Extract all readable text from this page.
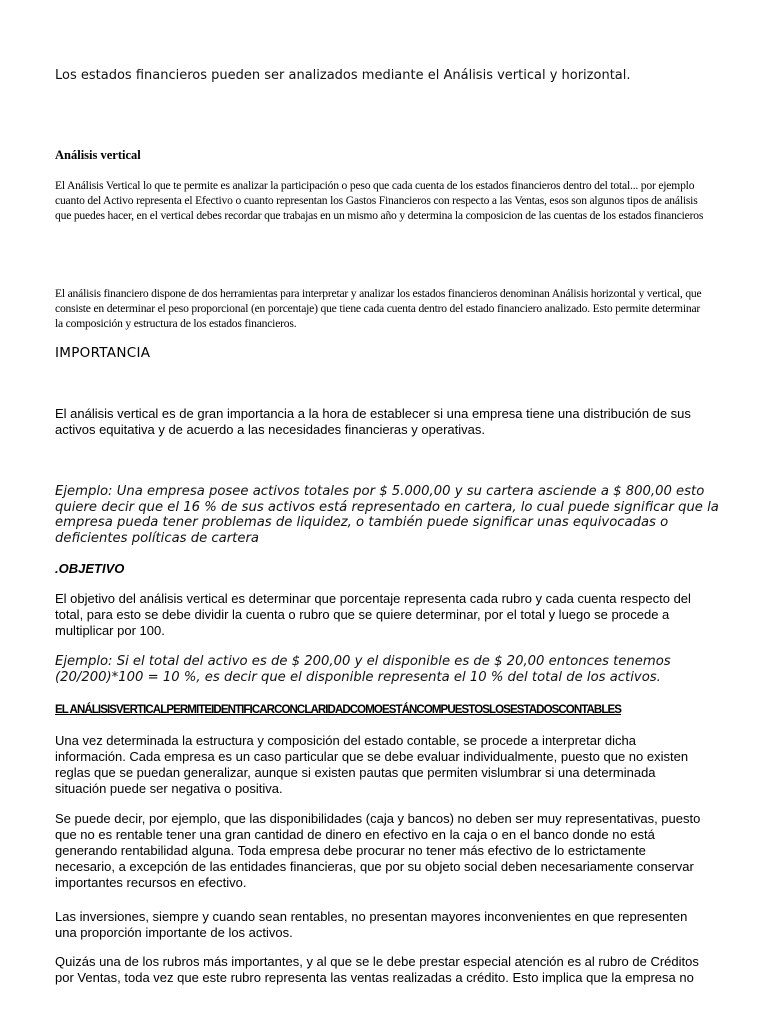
Los estados financieros pueden ser analizados mediante el Análisis vertical y horizontal.

Análisis vertical

El Análisis Vertical lo que te permite es analizar la participación o peso que cada cuenta de los estados financieros dentro del total... por ejemplo cuanto del Activo representa el Efectivo o cuanto representan los Gastos Financieros con respecto a las Ventas, esos son algunos tipos de análisis que puedes hacer, en el vertical debes recordar que trabajas en un mismo año y determina la composicion de las cuentas de los estados financieros

El análisis financiero dispone de dos herramientas para interpretar y analizar los estados financieros denominan Análisis horizontal y vertical, que consiste en determinar el peso proporcional (en porcentaje) que tiene cada cuenta dentro del estado financiero analizado. Esto permite determinar la composición y estructura de los estados financieros.

IMPORTANCIA

El análisis vertical es de gran importancia a la hora de establecer si una empresa tiene una distribución de sus activos equitativa y de acuerdo a las necesidades financieras y operativas.

Ejemplo: Una empresa posee activos totales por $ 5.000,00 y su cartera asciende a $ 800,00 esto quiere decir que el 16 % de sus activos está representado en cartera, lo cual puede significar que la empresa pueda tener problemas de liquidez, o también puede significar unas equivocadas o deficientes políticas de cartera

.OBJETIVO

El objetivo del análisis vertical es determinar que porcentaje representa cada rubro y cada cuenta respecto del total, para esto se debe dividir la cuenta o rubro que se quiere determinar, por el total y luego se procede a multiplicar por 100.

Ejemplo: Si el total del activo es de $ 200,00 y el disponible es de $ 20,00 entonces tenemos (20/200)*100 = 10 %, es decir que el disponible representa el 10 % del total de los activos.

EL ANÁLISISVERTICALPERMITEIDENTIFICARCONCLARIDADCOMOESTÁNCOMPUESTOSLOSESTADOSCONTABLES

Una vez determinada la estructura y composición del estado contable, se procede a interpretar dicha información. Cada empresa es un caso particular que se debe evaluar individualmente, puesto que no existen reglas que se puedan generalizar, aunque si existen pautas que permiten vislumbrar si una determinada situación puede ser negativa o positiva.

Se puede decir, por ejemplo, que las disponibilidades (caja y bancos) no deben ser muy representativas, puesto que no es rentable tener una gran cantidad de dinero en efectivo en la caja o en el banco donde no está generando rentabilidad alguna. Toda empresa debe procurar no tener más efectivo de lo estrictamente necesario, a excepción de las entidades financieras, que por su objeto social deben necesariamente conservar importantes recursos en efectivo.

Las inversiones, siempre y cuando sean rentables, no presentan mayores inconvenientes en que representen una proporción importante de los activos.

Quizás una de los rubros más importantes, y al que se le debe prestar especial atención es al rubro de Créditos por Ventas, toda vez que este rubro representa las ventas realizadas a crédito. Esto implica que la empresa no
